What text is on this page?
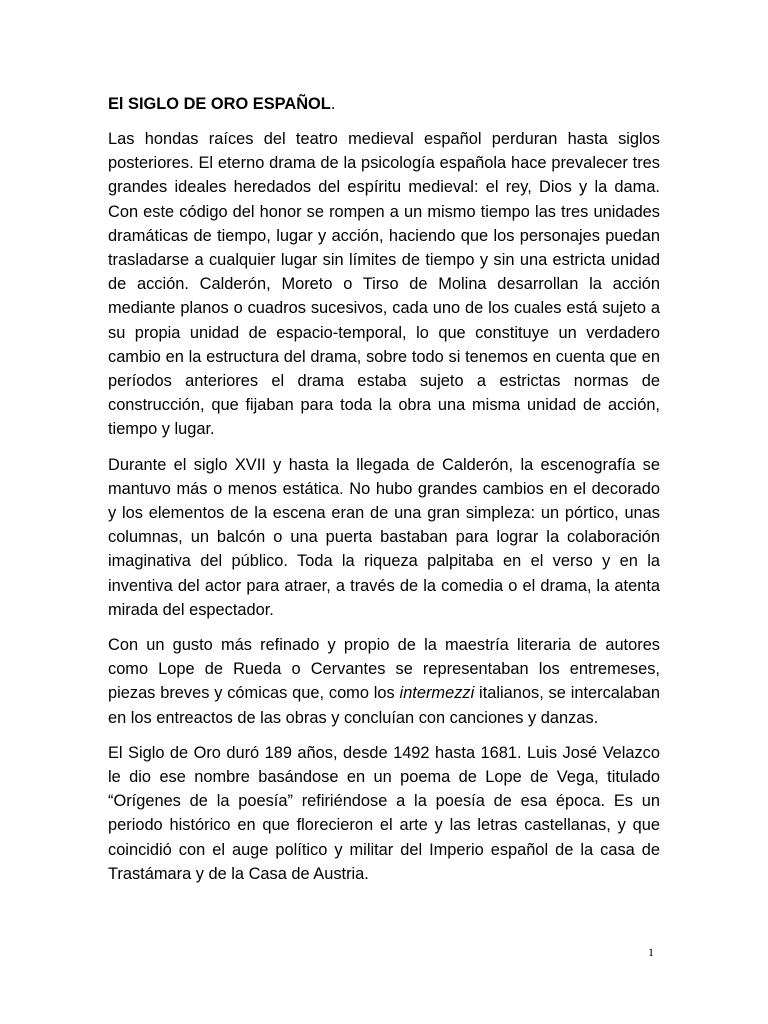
El SIGLO DE ORO ESPAÑOL.

Las hondas raíces del teatro medieval español perduran hasta siglos posteriores. El eterno drama de la psicología española hace prevalecer tres grandes ideales heredados del espíritu medieval: el rey, Dios y la dama. Con este código del honor se rompen a un mismo tiempo las tres unidades dramáticas de tiempo, lugar y acción, haciendo que los personajes puedan trasladarse a cualquier lugar sin límites de tiempo y sin una estricta unidad de acción. Calderón, Moreto o Tirso de Molina desarrollan la acción mediante planos o cuadros sucesivos, cada uno de los cuales está sujeto a su propia unidad de espacio-temporal, lo que constituye un verdadero cambio en la estructura del drama, sobre todo si tenemos en cuenta que en períodos anteriores el drama estaba sujeto a estrictas normas de construcción, que fijaban para toda la obra una misma unidad de acción, tiempo y lugar.

Durante el siglo XVII y hasta la llegada de Calderón, la escenografía se mantuvo más o menos estática. No hubo grandes cambios en el decorado y los elementos de la escena eran de una gran simpleza: un pórtico, unas columnas, un balcón o una puerta bastaban para lograr la colaboración imaginativa del público. Toda la riqueza palpitaba en el verso y en la inventiva del actor para atraer, a través de la comedia o el drama, la atenta mirada del espectador.

Con un gusto más refinado y propio de la maestría literaria de autores como Lope de Rueda o Cervantes se representaban los entremeses, piezas breves y cómicas que, como los intermezzi italianos, se intercalaban en los entreactos de las obras y concluían con canciones y danzas.

El Siglo de Oro duró 189 años, desde 1492 hasta 1681. Luis José Velazco le dio ese nombre basándose en un poema de Lope de Vega, titulado “Orígenes de la poesía” refiriéndose a la poesía de esa época. Es un periodo histórico en que florecieron el arte y las letras castellanas, y que coincidió con el auge político y militar del Imperio español de la casa de Trastámara y de la Casa de Austria.

1
